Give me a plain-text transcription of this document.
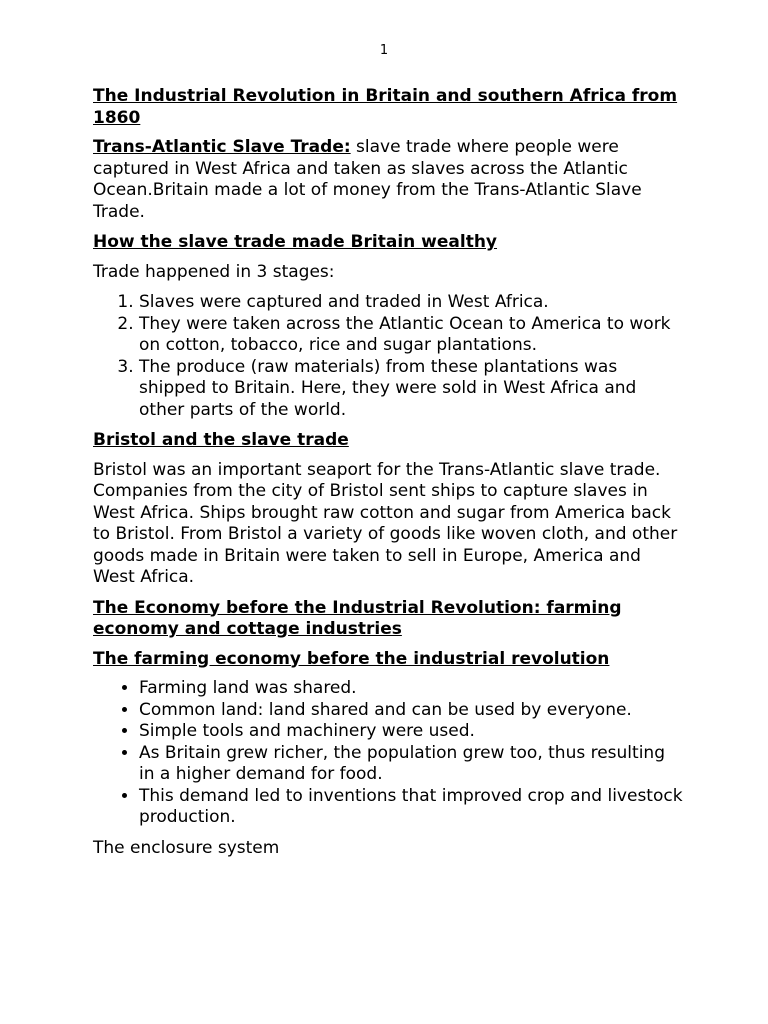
1
The Industrial Revolution in Britain and southern Africa from 1860

Trans-Atlantic Slave Trade: slave trade where people were captured in West Africa and taken as slaves across the Atlantic Ocean.Britain made a lot of money from the Trans-Atlantic Slave Trade.

How the slave trade made Britain wealthy

Trade happened in 3 stages:

1. Slaves were captured and traded in West Africa.
2. They were taken across the Atlantic Ocean to America to work on cotton, tobacco, rice and sugar plantations.
3. The produce (raw materials) from these plantations was shipped to Britain. Here, they were sold in West Africa and other parts of the world.
Bristol and the slave trade

Bristol was an important seaport for the Trans-Atlantic slave trade. Companies from the city of Bristol sent ships to capture slaves in West Africa. Ships brought raw cotton and sugar from America back to Bristol. From Bristol a variety of goods like woven cloth, and other goods made in Britain were taken to sell in Europe, America and West Africa.

The Economy before the Industrial Revolution: farming economy and cottage industries
The farming economy before the industrial revolution
• Farming land was shared.
• Common land: land shared and can be used by everyone.
• Simple tools and machinery were used.
• As Britain grew richer, the population grew too, thus resulting in a higher demand for food.
• This demand led to inventions that improved crop and livestock production.

The enclosure system
